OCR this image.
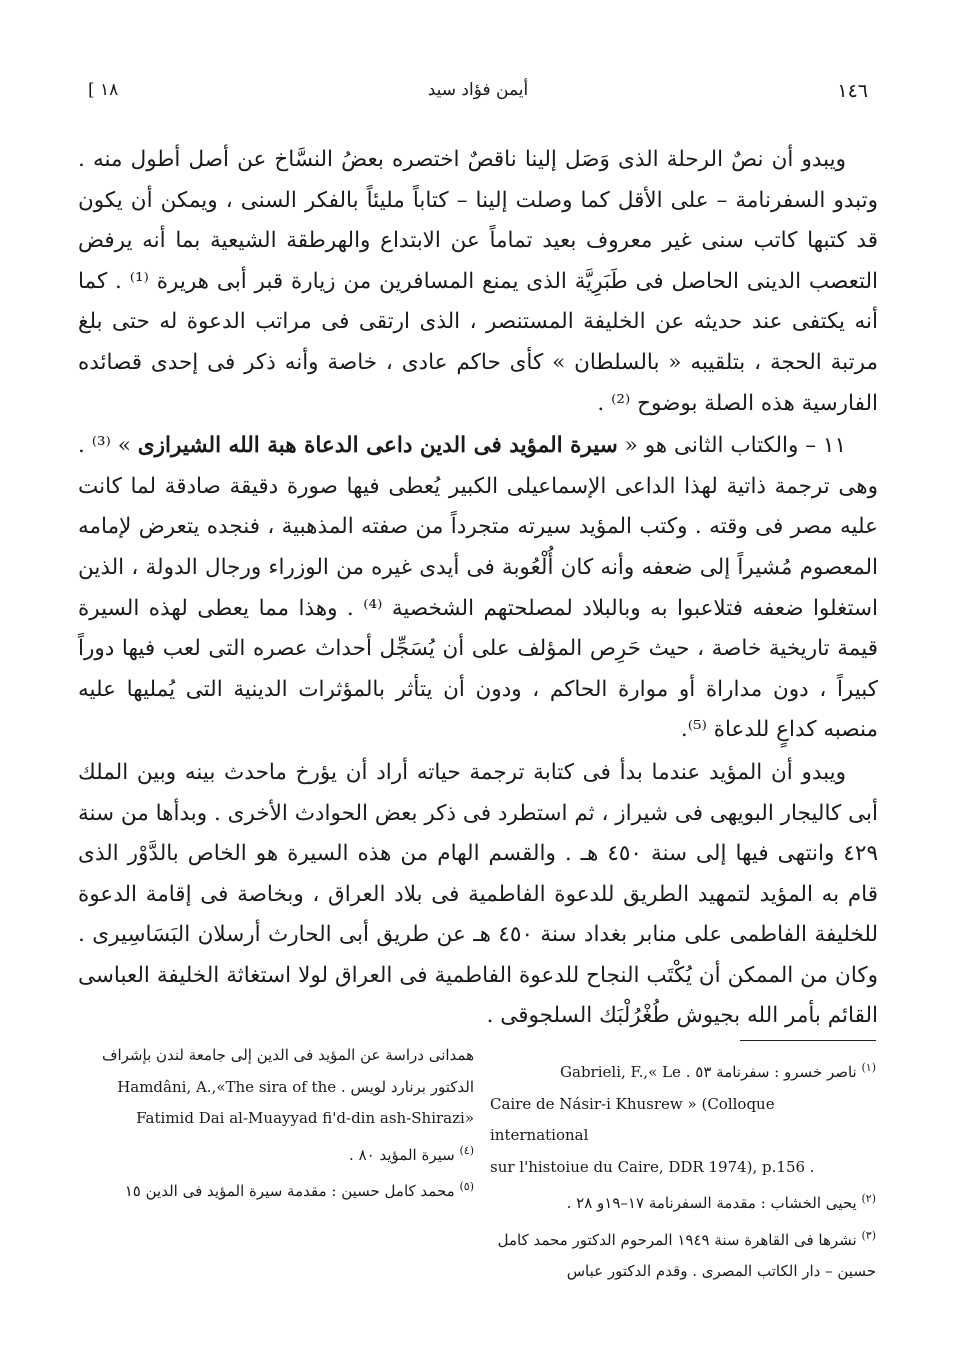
[ ١٨	أيمن فؤاد سيد	١٤٦

ويبدو أن نصٌ الرحلة الذى وَصَل إلينا ناقصٌ اختصره بعضُ النسَّاخ عن أصل أطول منه . وتبدو السفرنامة – على الأقل كما وصلت إلينا – كتاباً مليئاً بالفكر السنى ، ويمكن أن يكون قد كتبها كاتب سنى غير معروف بعيد تماماً عن الابتداع والهرطقة الشيعية بما أنه يرفض التعصب الدينى الحاصل فى طَبَرِيَّة الذى يمنع المسافرين من زيارة قبر أبى هريرة ⁽¹⁾ . كما أنه يكتفى عند حديثه عن الخليفة المستنصر ، الذى ارتقى فى مراتب الدعوة له حتى بلغ مرتبة الحجة ، بتلقيبه « بالسلطان » كأى حاكم عادى ، خاصة وأنه ذكر فى إحدى قصائده الفارسية هذه الصلة بوضوح ⁽²⁾ .

١١ – والكتاب الثانى هو « سيرة المؤيد فى الدين داعى الدعاة هبة الله الشيرازى » ⁽³⁾ . وهى ترجمة ذاتية لهذا الداعى الإسماعيلى الكبير يُعطى فيها صورة دقيقة صادقة لما كانت عليه مصر فى وقته . وكتب المؤيد سيرته متجرداً من صفته المذهبية ، فنجده يتعرض لإمامه المعصوم مُشيراً إلى ضعفه وأنه كان أُلْعُوبة فى أيدى غيره من الوزراء ورجال الدولة ، الذين استغلوا ضعفه فتلاعبوا به وبالبلاد لمصلحتهم الشخصية ⁽⁴⁾ . وهذا مما يعطى لهذه السيرة قيمة تاريخية خاصة ، حيث حَرِص المؤلف على أن يُسَجِّل أحداث عصره التى لعب فيها دوراً كبيراً ، دون مداراة أو موارة الحاكم ، ودون أن يتأثر بالمؤثرات الدينية التى يُمليها عليه منصبه كداعٍ للدعاة ⁽⁵⁾.

ويبدو أن المؤيد عندما بدأ فى كتابة ترجمة حياته أراد أن يؤرخ ماحدث بينه وبين الملك أبى كاليجار البويهى فى شيراز ، ثم استطرد فى ذكر بعض الحوادث الأخرى . وبدأها من سنة ٤٢٩ وانتهى فيها إلى سنة ٤٥٠ هـ . والقسم الهام من هذه السيرة هو الخاص بالدَّوْر الذى قام به المؤيد لتمهيد الطريق للدعوة الفاطمية فى بلاد العراق ، وبخاصة فى إقامة الدعوة للخليفة الفاطمى على منابر بغداد سنة ٤٥٠ هـ عن طريق أبى الحارث أرسلان البَسَاسِيرى . وكان من الممكن أن يُكْتَب النجاح للدعوة الفاطمية فى العراق لولا استغاثة الخليفة العباسى القائم بأمر الله بجيوش طُغْرُلْبَك السلجوقى .

$^{(١)}$ ناصر خسرو : سفرنامة ٥٣ . Gabrieli, F.,« Le

Caire de Násir-i Khusrew » (Colloque international

sur l'histoiue du Caire, DDR 1974), p.156 .

$^{(٢)}$ يحيى الخشاب : مقدمة السفرنامة ١٧–١٩و ٢٨ .

$^{(٣)}$ نشرها فى القاهرة سنة ١٩٤٩ المرحوم الدكتور محمد كامل حسين – دار الكاتب المصرى . وقدم الدكتور عباس

همدانى دراسة عن المؤيد فى الدين إلى جامعة لندن بإشراف

الدكتور برنارد لويس . Hamdâni, A.,«The sira of the

Fatimid Dai al-Muayyad fi'd-din ash-Shirazi»

$^{(٤)}$ سيرة المؤيد ٨٠ .

$^{(٥)}$ محمد كامل حسين : مقدمة سيرة المؤيد فى الدين ١٥
